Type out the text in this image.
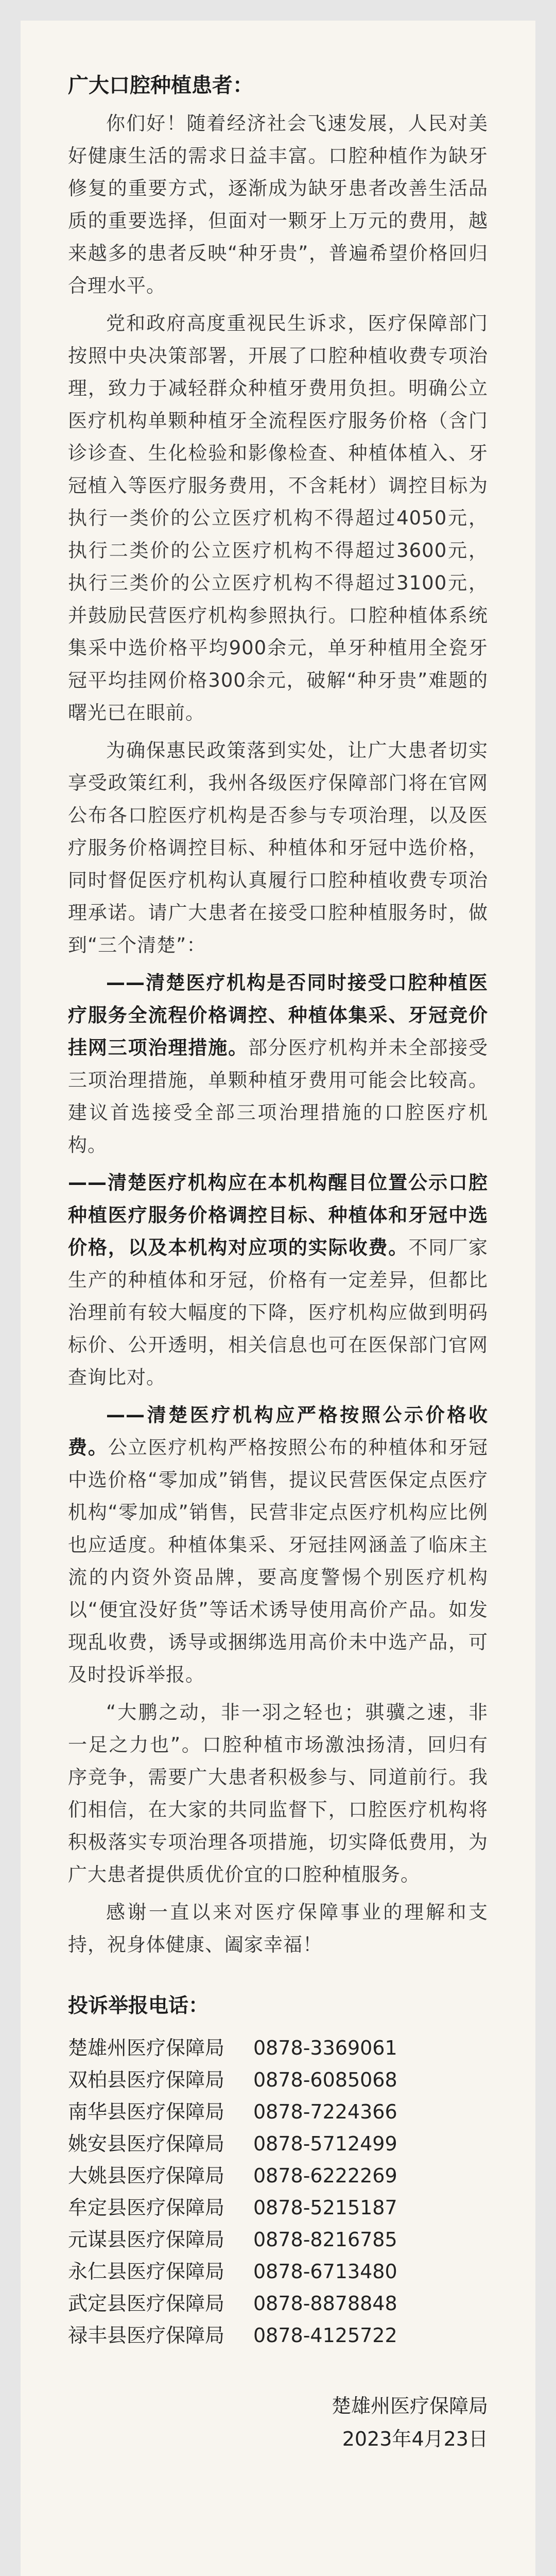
广大口腔种植患者：

你们好！随着经济社会飞速发展，人民对美好健康生活的需求日益丰富。口腔种植作为缺牙修复的重要方式，逐渐成为缺牙患者改善生活品质的重要选择，但面对一颗牙上万元的费用，越来越多的患者反映“种牙贵”，普遍希望价格回归合理水平。

党和政府高度重视民生诉求，医疗保障部门按照中央决策部署，开展了口腔种植收费专项治理，致力于减轻群众种植牙费用负担。明确公立医疗机构单颗种植牙全流程医疗服务价格（含门诊诊查、生化检验和影像检查、种植体植入、牙冠植入等医疗服务费用，不含耗材）调控目标为执行一类价的公立医疗机构不得超过4050元，执行二类价的公立医疗机构不得超过3600元，执行三类价的公立医疗机构不得超过3100元，并鼓励民营医疗机构参照执行。口腔种植体系统集采中选价格平均900余元，单牙种植用全瓷牙冠平均挂网价格300余元，破解“种牙贵”难题的曙光已在眼前。

为确保惠民政策落到实处，让广大患者切实享受政策红利，我州各级医疗保障部门将在官网公布各口腔医疗机构是否参与专项治理，以及医疗服务价格调控目标、种植体和牙冠中选价格，同时督促医疗机构认真履行口腔种植收费专项治理承诺。请广大患者在接受口腔种植服务时，做到“三个清楚”：

——清楚医疗机构是否同时接受口腔种植医疗服务全流程价格调控、种植体集采、牙冠竞价挂网三项治理措施。部分医疗机构并未全部接受三项治理措施，单颗种植牙费用可能会比较高。建议首选接受全部三项治理措施的口腔医疗机构。

——清楚医疗机构应在本机构醒目位置公示口腔种植医疗服务价格调控目标、种植体和牙冠中选价格，以及本机构对应项的实际收费。不同厂家生产的种植体和牙冠，价格有一定差异，但都比治理前有较大幅度的下降，医疗机构应做到明码标价、公开透明，相关信息也可在医保部门官网查询比对。

——清楚医疗机构应严格按照公示价格收费。公立医疗机构严格按照公布的种植体和牙冠中选价格“零加成”销售，提议民营医保定点医疗机构“零加成”销售，民营非定点医疗机构应比例也应适度。种植体集采、牙冠挂网涵盖了临床主流的内资外资品牌，要高度警惕个别医疗机构以“便宜没好货”等话术诱导使用高价产品。如发现乱收费，诱导或捆绑选用高价未中选产品，可及时投诉举报。

“大鹏之动，非一羽之轻也；骐骥之速，非一足之力也”。口腔种植市场激浊扬清，回归有序竞争，需要广大患者积极参与、同道前行。我们相信，在大家的共同监督下，口腔医疗机构将积极落实专项治理各项措施，切实降低费用，为广大患者提供质优价宜的口腔种植服务。

感谢一直以来对医疗保障事业的理解和支持，祝身体健康、阖家幸福！

投诉举报电话：
楚雄州医疗保障局	0878-3369061
双柏县医疗保障局	0878-6085068
南华县医疗保障局	0878-7224366
姚安县医疗保障局	0878-5712499
大姚县医疗保障局	0878-6222269
牟定县医疗保障局	0878-5215187
元谋县医疗保障局	0878-8216785
永仁县医疗保障局	0878-6713480
武定县医疗保障局	0878-8878848
禄丰县医疗保障局	0878-4125722
楚雄州医疗保障局
2023年4月23日
